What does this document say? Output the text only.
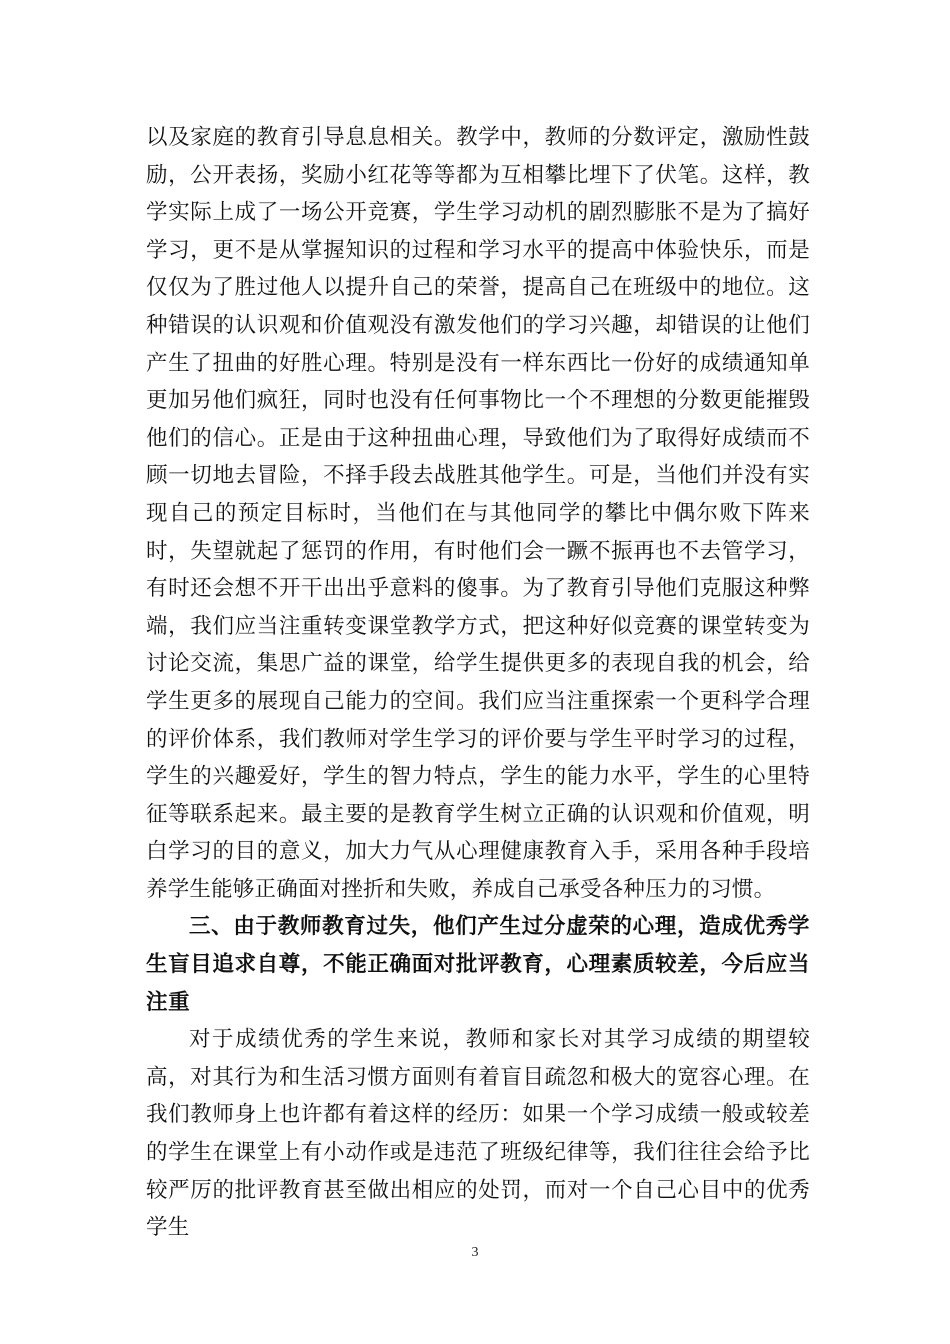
以及家庭的教育引导息息相关。教学中，教师的分数评定，激励性鼓励，公开表扬，奖励小红花等等都为互相攀比埋下了伏笔。这样，教学实际上成了一场公开竞赛，学生学习动机的剧烈膨胀不是为了搞好学习，更不是从掌握知识的过程和学习水平的提高中体验快乐，而是仅仅为了胜过他人以提升自己的荣誉，提高自己在班级中的地位。这种错误的认识观和价值观没有激发他们的学习兴趣，却错误的让他们产生了扭曲的好胜心理。特别是没有一样东西比一份好的成绩通知单更加另他们疯狂，同时也没有任何事物比一个不理想的分数更能摧毁他们的信心。正是由于这种扭曲心理，导致他们为了取得好成绩而不顾一切地去冒险，不择手段去战胜其他学生。可是，当他们并没有实现自己的预定目标时，当他们在与其他同学的攀比中偶尔败下阵来时，失望就起了惩罚的作用，有时他们会一蹶不振再也不去管学习，有时还会想不开干出出乎意料的傻事。为了教育引导他们克服这种弊端，我们应当注重转变课堂教学方式，把这种好似竞赛的课堂转变为讨论交流，集思广益的课堂，给学生提供更多的表现自我的机会，给学生更多的展现自己能力的空间。我们应当注重探索一个更科学合理的评价体系，我们教师对学生学习的评价要与学生平时学习的过程，学生的兴趣爱好，学生的智力特点，学生的能力水平，学生的心里特征等联系起来。最主要的是教育学生树立正确的认识观和价值观，明白学习的目的意义，加大力气从心理健康教育入手，采用各种手段培养学生能够正确面对挫折和失败，养成自己承受各种压力的习惯。

三、由于教师教育过失，他们产生过分虚荣的心理，造成优秀学生盲目追求自尊，不能正确面对批评教育，心理素质较差，今后应当注重

对于成绩优秀的学生来说，教师和家长对其学习成绩的期望较高，对其行为和生活习惯方面则有着盲目疏忽和极大的宽容心理。在我们教师身上也许都有着这样的经历：如果一个学习成绩一般或较差的学生在课堂上有小动作或是违范了班级纪律等，我们往往会给予比较严厉的批评教育甚至做出相应的处罚，而对一个自己心目中的优秀学生

3
